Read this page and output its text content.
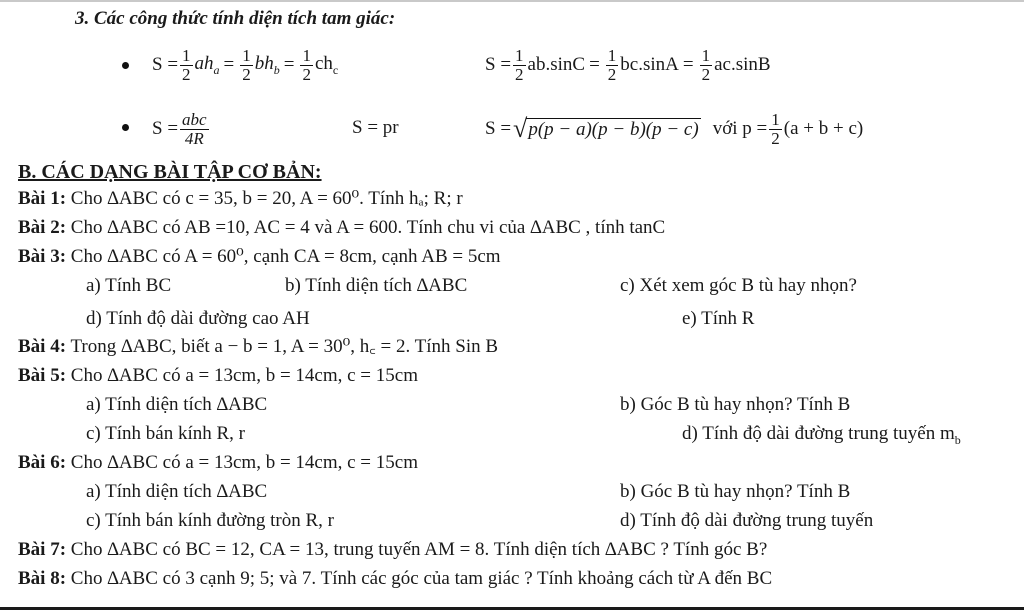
3. Các công thức tính diện tích tam giác:
$S = \frac{1}{2} ah_a = \frac{1}{2} bh_b = \frac{1}{2} ch_c$	$S = \frac{1}{2} ab.\sin C = \frac{1}{2} bc.\sin A = \frac{1}{2} ac.\sin B$
$S = \frac{\text{abc}}{4R}$	S = pr	S = √ p(p − a)(p − b)(p − c) với $p = \frac{1}{2} (a + b + c)$
B. CÁC DẠNG BÀI TẬP CƠ BẢN:
Bài 1: Cho ∆ABC có c = 35, b = 20, A = 60⁰. Tính hₐ; R; r
Bài 2: Cho ∆ABC có AB =10, AC = 4 và A = 600. Tính chu vi của ∆ABC , tính tanC
Bài 3: Cho ∆ABC có A = 60⁰, cạnh CA = 8cm, cạnh AB = 5cm
a) Tính BC	b) Tính diện tích ∆ABC	c) Xét xem góc B tù hay nhọn?
d) Tính độ dài đường cao AH	e) Tính R
Bài 4: Trong ∆ABC, biết a − b = 1, A = 30⁰, h꜀ = 2. Tính Sin B
Bài 5: Cho ∆ABC có a = 13cm, b = 14cm, c = 15cm
a) Tính diện tích ∆ABC	b) Góc B tù hay nhọn? Tính B
c) Tính bán kính R, r	d) Tính độ dài đường trung tuyến $m_b$
Bài 6: Cho ∆ABC có a = 13cm, b = 14cm, c = 15cm
a) Tính diện tích ∆ABC	b) Góc B tù hay nhọn? Tính B
c) Tính bán kính đường tròn R, r	d) Tính độ dài đường trung tuyến
Bài 7: Cho ∆ABC có BC = 12, CA = 13, trung tuyến AM = 8. Tính diện tích ∆ABC ? Tính góc B?
Bài 8: Cho ∆ABC có 3 cạnh 9; 5; và 7. Tính các góc của tam giác ? Tính khoảng cách từ A đến BC
